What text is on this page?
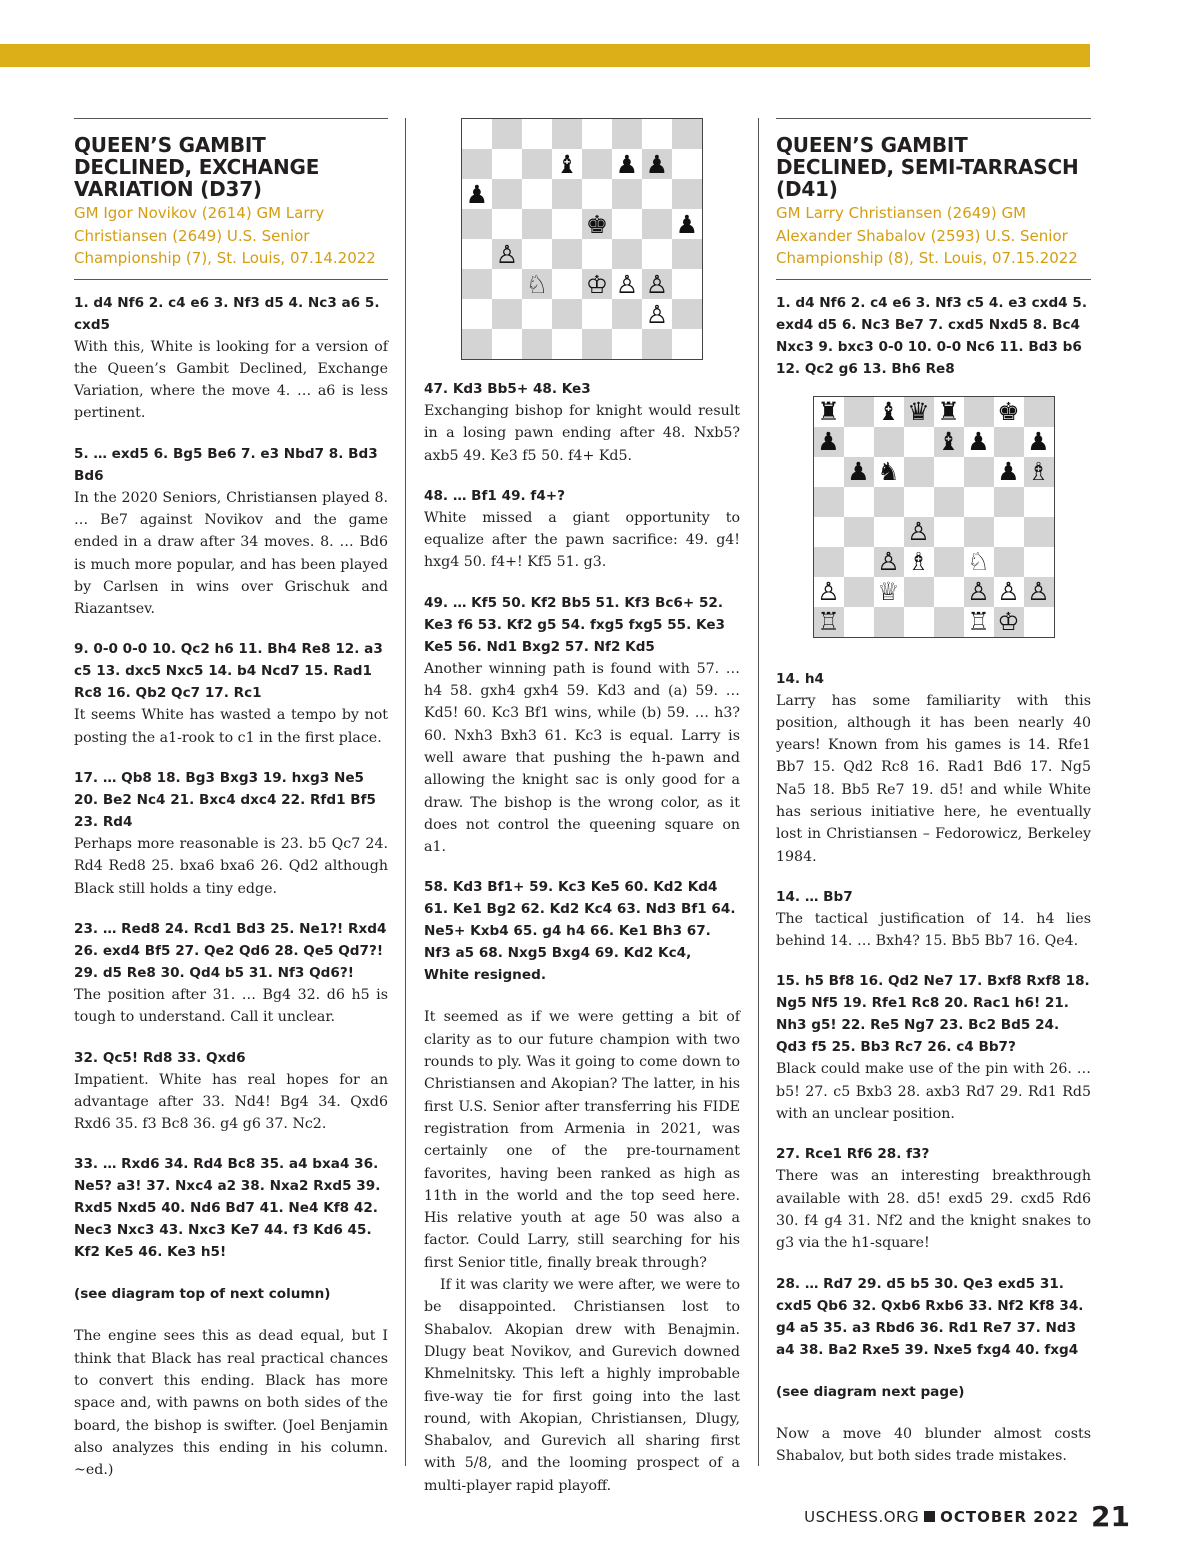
QUEEN’S GAMBIT DECLINED, EXCHANGE VARIATION (D37)
GM Igor Novikov (2614) GM Larry Christiansen (2649) U.S. Senior Championship (7), St. Louis, 07.14.2022

1. d4 Nf6 2. c4 e6 3. Nf3 d5 4. Nc3 a6 5. cxd5

With this, White is looking for a version of the Queen’s Gambit Declined, Exchange Variation, where the move 4. … a6 is less pertinent.

5. … exd5 6. Bg5 Be6 7. e3 Nbd7 8. Bd3 Bd6

In the 2020 Seniors, Christiansen played 8. … Be7 against Novikov and the game ended in a draw after 34 moves. 8. … Bd6 is much more popular, and has been played by Carlsen in wins over Grischuk and Riazantsev.

9. 0-0 0-0 10. Qc2 h6 11. Bh4 Re8 12. a3 c5 13. dxc5 Nxc5 14. b4 Ncd7 15. Rad1 Rc8 16. Qb2 Qc7 17. Rc1

It seems White has wasted a tempo by not posting the a1-rook to c1 in the first place.

17. … Qb8 18. Bg3 Bxg3 19. hxg3 Ne5 20. Be2 Nc4 21. Bxc4 dxc4 22. Rfd1 Bf5 23. Rd4

Perhaps more reasonable is 23. b5 Qc7 24. Rd4 Red8 25. bxa6 bxa6 26. Qd2 although Black still holds a tiny edge.

23. … Red8 24. Rcd1 Bd3 25. Ne1?! Rxd4 26. exd4 Bf5 27. Qe2 Qd6 28. Qe5 Qd7?! 29. d5 Re8 30. Qd4 b5 31. Nf3 Qd6?!

The position after 31. … Bg4 32. d6 h5 is tough to understand. Call it unclear.

32. Qc5! Rd8 33. Qxd6

Impatient. White has real hopes for an advantage after 33. Nd4! Bg4 34. Qxd6 Rxd6 35. f3 Bc8 36. g4 g6 37. Nc2.

33. … Rxd6 34. Rd4 Bc8 35. a4 bxa4 36. Ne5? a3! 37. Nxc4 a2 38. Nxa2 Rxd5 39. Rxd5 Nxd5 40. Nd6 Bd7 41. Ne4 Kf8 42. Nec3 Nxc3 43. Nxc3 Ke7 44. f3 Kd6 45. Kf2 Ke5 46. Ke3 h5!

(see diagram top of next column)

The engine sees this as dead equal, but I think that Black has real practical chances to convert this ending. Black has more space and, with pawns on both sides of the board, the bishop is swifter. (Joel Benjamin also analyzes this ending in his column. ~ed.)

♝ ♟ ♟
♟
♚	♟
♙
♘ ♔ ♙ ♙
♙

47. Kd3 Bb5+ 48. Ke3

Exchanging bishop for knight would result in a losing pawn ending after 48. Nxb5? axb5 49. Ke3 f5 50. f4+ Kd5.

48. … Bf1 49. f4+?

White missed a giant opportunity to equalize after the pawn sacrifice: 49. g4! hxg4 50. f4+! Kf5 51. g3.

49. … Kf5 50. Kf2 Bb5 51. Kf3 Bc6+ 52. Ke3 f6 53. Kf2 g5 54. fxg5 fxg5 55. Ke3 Ke5 56. Nd1 Bxg2 57. Nf2 Kd5

Another winning path is found with 57. … h4 58. gxh4 gxh4 59. Kd3 and (a) 59. … Kd5! 60. Kc3 Bf1 wins, while (b) 59. … h3? 60. Nxh3 Bxh3 61. Kc3 is equal. Larry is well aware that pushing the h-pawn and allowing the knight sac is only good for a draw. The bishop is the wrong color, as it does not control the queening square on a1.

58. Kd3 Bf1+ 59. Kc3 Ke5 60. Kd2 Kd4 61. Ke1 Bg2 62. Kd2 Kc4 63. Nd3 Bf1 64. Ne5+ Kxb4 65. g4 h4 66. Ke1 Bh3 67. Nf3 a5 68. Nxg5 Bxg4 69. Kd2 Kc4, White resigned.

It seemed as if we were getting a bit of clarity as to our future champion with two rounds to ply. Was it going to come down to Christiansen and Akopian? The latter, in his first U.S. Senior after transferring his FIDE registration from Armenia in 2021, was certainly one of the pre-tournament favorites, having been ranked as high as 11th in the world and the top seed here. His relative youth at age 50 was also a factor. Could Larry, still searching for his first Senior title, finally break through?

If it was clarity we were after, we were to be disappointed. Christiansen lost to Shabalov. Akopian drew with Benajmin. Dlugy beat Novikov, and Gurevich downed Khmelnitsky. This left a highly improbable five-way tie for first going into the last round, with Akopian, Christiansen, Dlugy, Shabalov, and Gurevich all sharing first with 5/8, and the looming prospect of a multi-player rapid playoff.

QUEEN’S GAMBIT DECLINED, SEMI-TARRASCH (D41)
GM Larry Christiansen (2649) GM Alexander Shabalov (2593) U.S. Senior Championship (8), St. Louis, 07.15.2022

1. d4 Nf6 2. c4 e6 3. Nf3 c5 4. e3 cxd4 5. exd4 d5 6. Nc3 Be7 7. cxd5 Nxd5 8. Bc4 Nxc3 9. bxc3 0-0 10. 0-0 Nc6 11. Bd3 b6 12. Qc2 g6 13. Bh6 Re8

♜ ♝ ♛ ♜ ♚
♟	♝ ♟ ♟
♟ ♞	♟ ♗
♙
♙ ♗ ♘
♙ ♕	♙ ♙ ♙
♖	♖ ♔

14. h4

Larry has some familiarity with this position, although it has been nearly 40 years! Known from his games is 14. Rfe1 Bb7 15. Qd2 Rc8 16. Rad1 Bd6 17. Ng5 Na5 18. Bb5 Re7 19. d5! and while White has serious initiative here, he eventually lost in Christiansen – Fedorowicz, Berkeley 1984.

14. … Bb7

The tactical justification of 14. h4 lies behind 14. … Bxh4? 15. Bb5 Bb7 16. Qe4.

15. h5 Bf8 16. Qd2 Ne7 17. Bxf8 Rxf8 18. Ng5 Nf5 19. Rfe1 Rc8 20. Rac1 h6! 21. Nh3 g5! 22. Re5 Ng7 23. Bc2 Bd5 24. Qd3 f5 25. Bb3 Rc7 26. c4 Bb7?

Black could make use of the pin with 26. … b5! 27. c5 Bxb3 28. axb3 Rd7 29. Rd1 Rd5 with an unclear position.

27. Rce1 Rf6 28. f3?

There was an interesting breakthrough available with 28. d5! exd5 29. cxd5 Rd6 30. f4 g4 31. Nf2 and the knight snakes to g3 via the h1-square!

28. … Rd7 29. d5 b5 30. Qe3 exd5 31. cxd5 Qb6 32. Qxb6 Rxb6 33. Nf2 Kf8 34. g4 a5 35. a3 Rbd6 36. Rd1 Re7 37. Nd3 a4 38. Ba2 Rxe5 39. Nxe5 fxg4 40. fxg4

(see diagram next page)

Now a move 40 blunder almost costs Shabalov, but both sides trade mistakes.

USCHESS.ORG OCTOBER 2022 21
